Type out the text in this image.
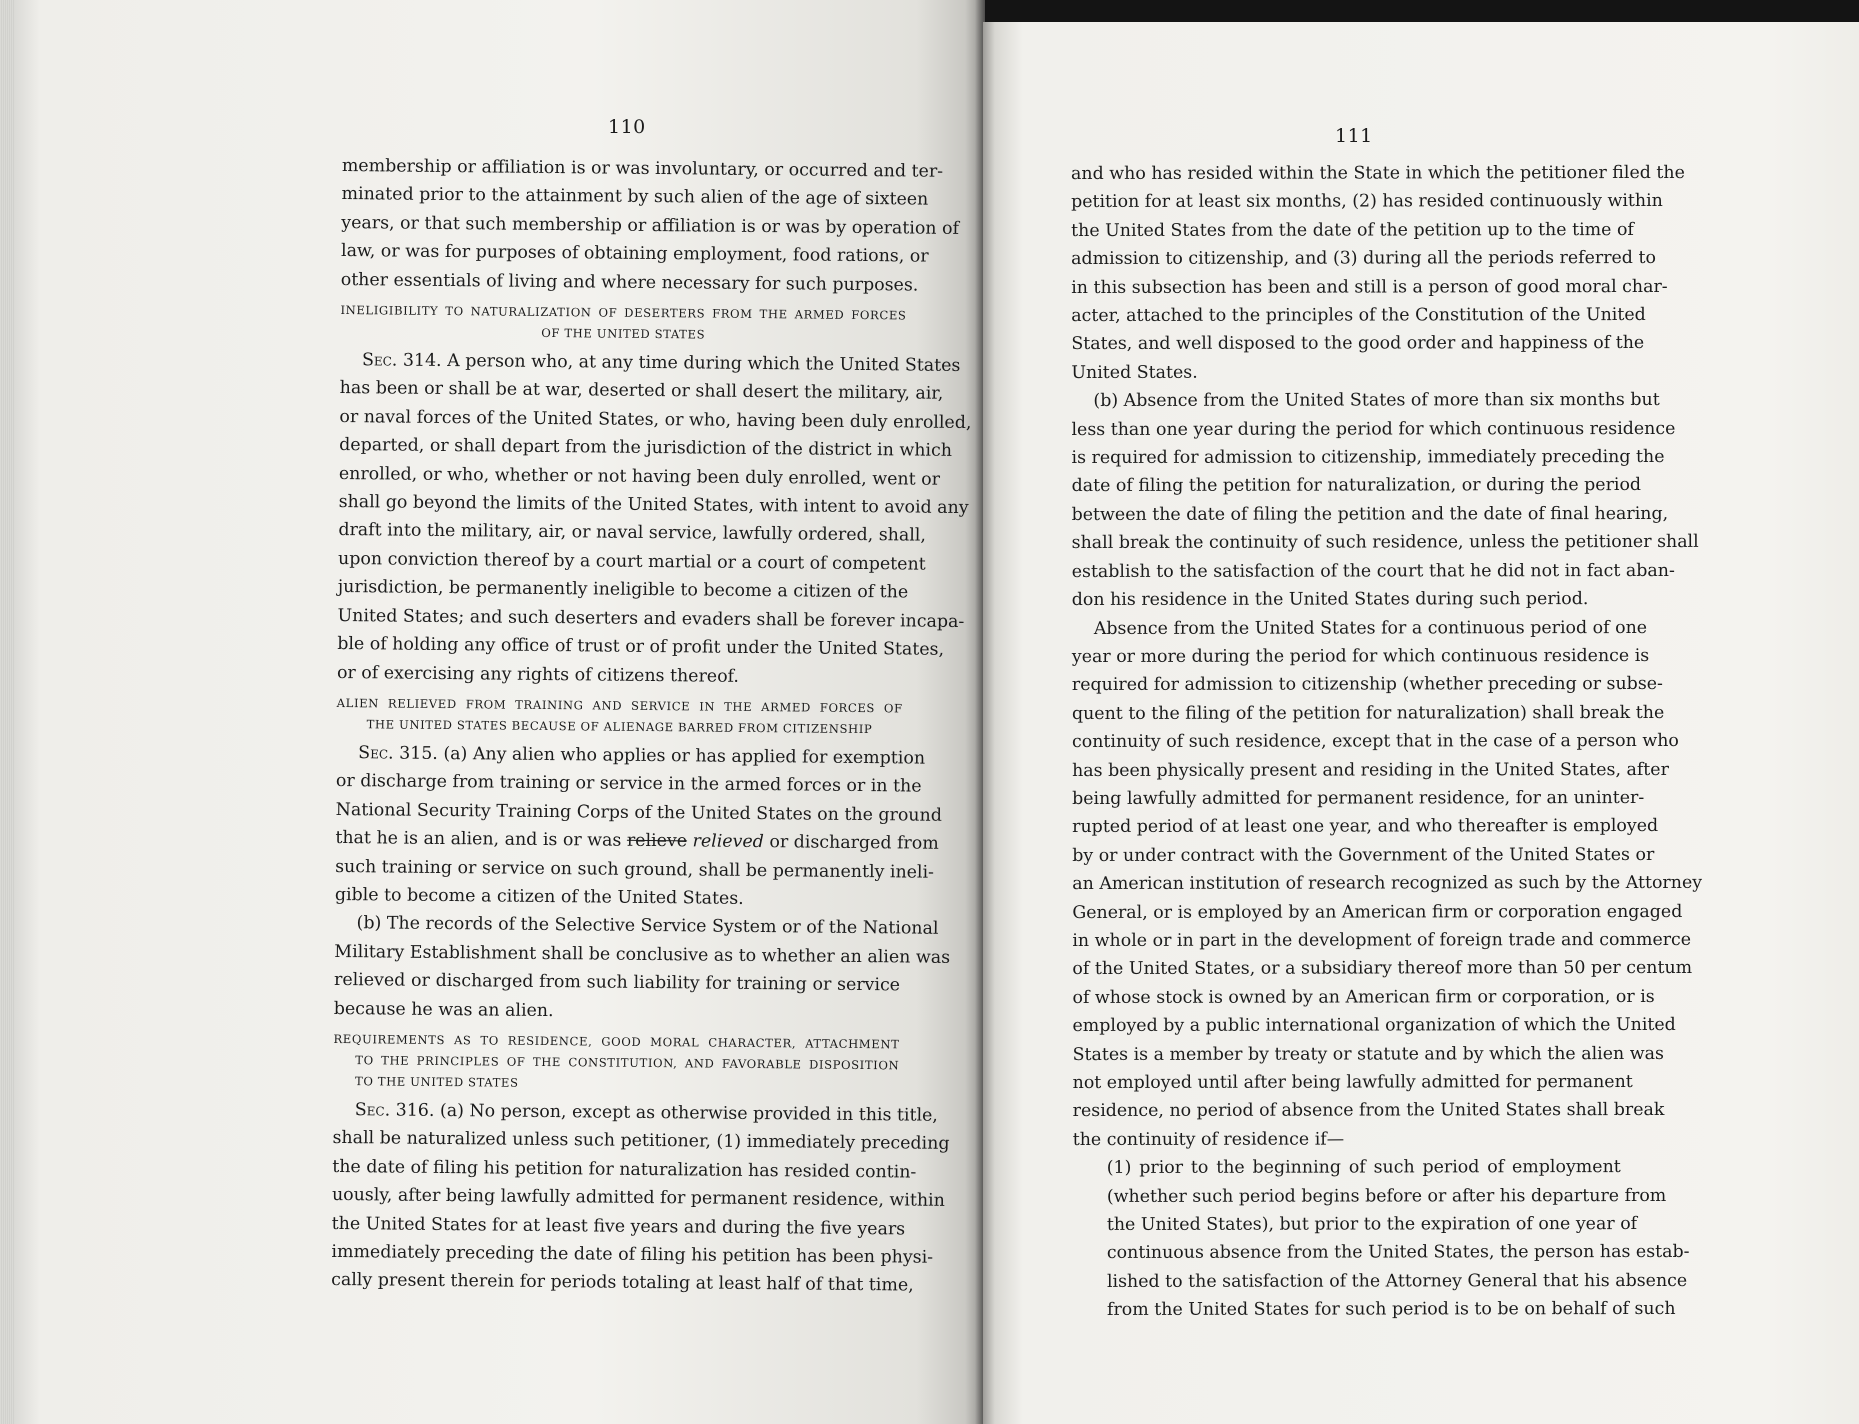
110
membership or affiliation is or was involuntary, or occurred and ter-
minated prior to the attainment by such alien of the age of sixteen
years, or that such membership or affiliation is or was by operation of
law, or was for purposes of obtaining employment, food rations, or
other essentials of living and where necessary for such purposes.
INELIGIBILITY TO NATURALIZATION OF DESERTERS FROM THE ARMED FORCES
OF THE UNITED STATES
Sec. 314. A person who, at any time during which the United States
has been or shall be at war, deserted or shall desert the military, air,
or naval forces of the United States, or who, having been duly enrolled,
departed, or shall depart from the jurisdiction of the district in which
enrolled, or who, whether or not having been duly enrolled, went or
shall go beyond the limits of the United States, with intent to avoid any
draft into the military, air, or naval service, lawfully ordered, shall,
upon conviction thereof by a court martial or a court of competent
jurisdiction, be permanently ineligible to become a citizen of the
United States; and such deserters and evaders shall be forever incapa-
ble of holding any office of trust or of profit under the United States,
or of exercising any rights of citizens thereof.
ALIEN RELIEVED FROM TRAINING AND SERVICE IN THE ARMED FORCES OF
THE UNITED STATES BECAUSE OF ALIENAGE BARRED FROM CITIZENSHIP
Sec. 315. (a) Any alien who applies or has applied for exemption
or discharge from training or service in the armed forces or in the
National Security Training Corps of the United States on the ground
that he is an alien, and is or was relieve relieved or discharged from
such training or service on such ground, shall be permanently ineli-
gible to become a citizen of the United States.
(b) The records of the Selective Service System or of the National
Military Establishment shall be conclusive as to whether an alien was
relieved or discharged from such liability for training or service
because he was an alien.
REQUIREMENTS AS TO RESIDENCE, GOOD MORAL CHARACTER, ATTACHMENT
TO THE PRINCIPLES OF THE CONSTITUTION, AND FAVORABLE DISPOSITION
TO THE UNITED STATES
Sec. 316. (a) No person, except as otherwise provided in this title,
shall be naturalized unless such petitioner, (1) immediately preceding
the date of filing his petition for naturalization has resided contin-
uously, after being lawfully admitted for permanent residence, within
the United States for at least five years and during the five years
immediately preceding the date of filing his petition has been physi-
cally present therein for periods totaling at least half of that time,
111
and who has resided within the State in which the petitioner filed the
petition for at least six months, (2) has resided continuously within
the United States from the date of the petition up to the time of
admission to citizenship, and (3) during all the periods referred to
in this subsection has been and still is a person of good moral char-
acter, attached to the principles of the Constitution of the United
States, and well disposed to the good order and happiness of the
United States.
(b) Absence from the United States of more than six months but
less than one year during the period for which continuous residence
is required for admission to citizenship, immediately preceding the
date of filing the petition for naturalization, or during the period
between the date of filing the petition and the date of final hearing,
shall break the continuity of such residence, unless the petitioner shall
establish to the satisfaction of the court that he did not in fact aban-
don his residence in the United States during such period.
Absence from the United States for a continuous period of one
year or more during the period for which continuous residence is
required for admission to citizenship (whether preceding or subse-
quent to the filing of the petition for naturalization) shall break the
continuity of such residence, except that in the case of a person who
has been physically present and residing in the United States, after
being lawfully admitted for permanent residence, for an uninter-
rupted period of at least one year, and who thereafter is employed
by or under contract with the Government of the United States or
an American institution of research recognized as such by the Attorney
General, or is employed by an American firm or corporation engaged
in whole or in part in the development of foreign trade and commerce
of the United States, or a subsidiary thereof more than 50 per centum
of whose stock is owned by an American firm or corporation, or is
employed by a public international organization of which the United
States is a member by treaty or statute and by which the alien was
not employed until after being lawfully admitted for permanent
residence, no period of absence from the United States shall break
the continuity of residence if—
(1) prior to the beginning of such period of employment
(whether such period begins before or after his departure from
the United States), but prior to the expiration of one year of
continuous absence from the United States, the person has estab-
lished to the satisfaction of the Attorney General that his absence
from the United States for such period is to be on behalf of such
